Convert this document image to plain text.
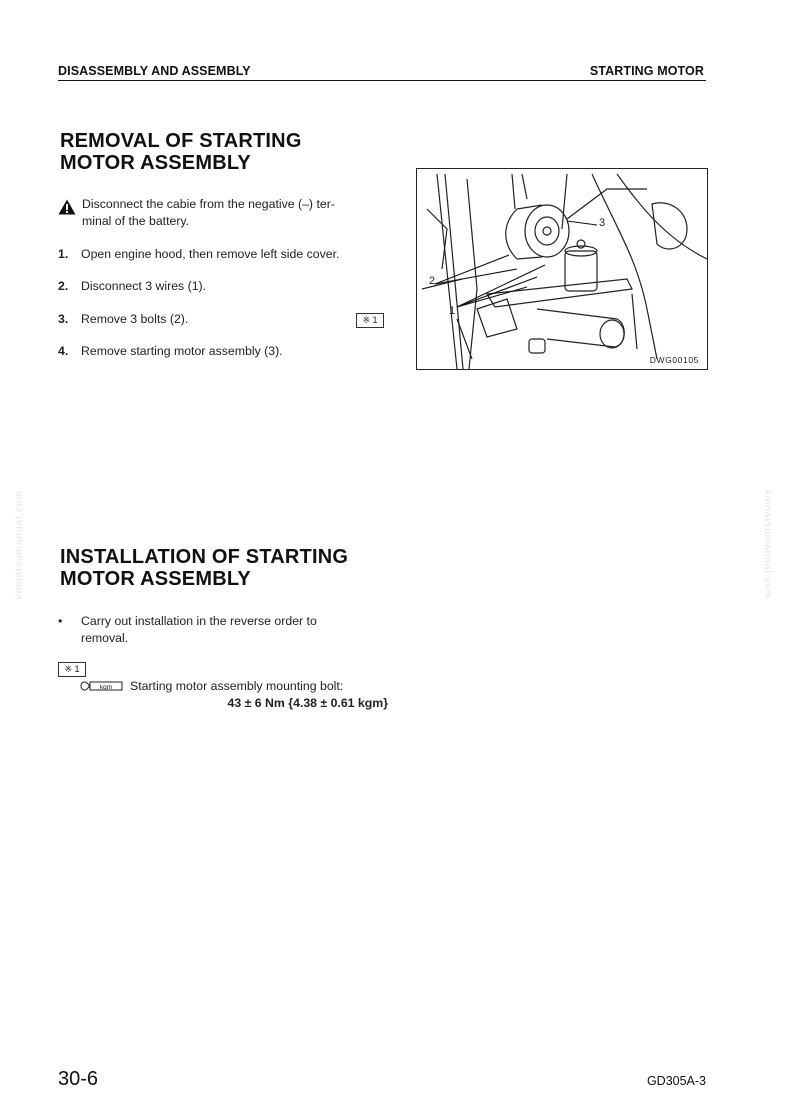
DISASSEMBLY AND ASSEMBLY	STARTING MOTOR
REMOVAL OF STARTING
MOTOR ASSEMBLY
Disconnect the cabie from the negative (–) ter-
minal of the battery.
1. Open engine hood, then remove left side cover.
2. Disconnect 3 wires (1).
3. Remove 3 bolts (2).	※ 1
4. Remove starting motor assembly (3).
3
2
1
DWG00105
komatsumanual.com	komatsumanual.com
INSTALLATION OF STARTING
MOTOR ASSEMBLY
• Carry out installation in the reverse order to
removal.
※ 1
kgm Starting motor assembly mounting bolt:
43 ± 6 Nm {4.38 ± 0.61 kgm}
30-6	GD305A-3
